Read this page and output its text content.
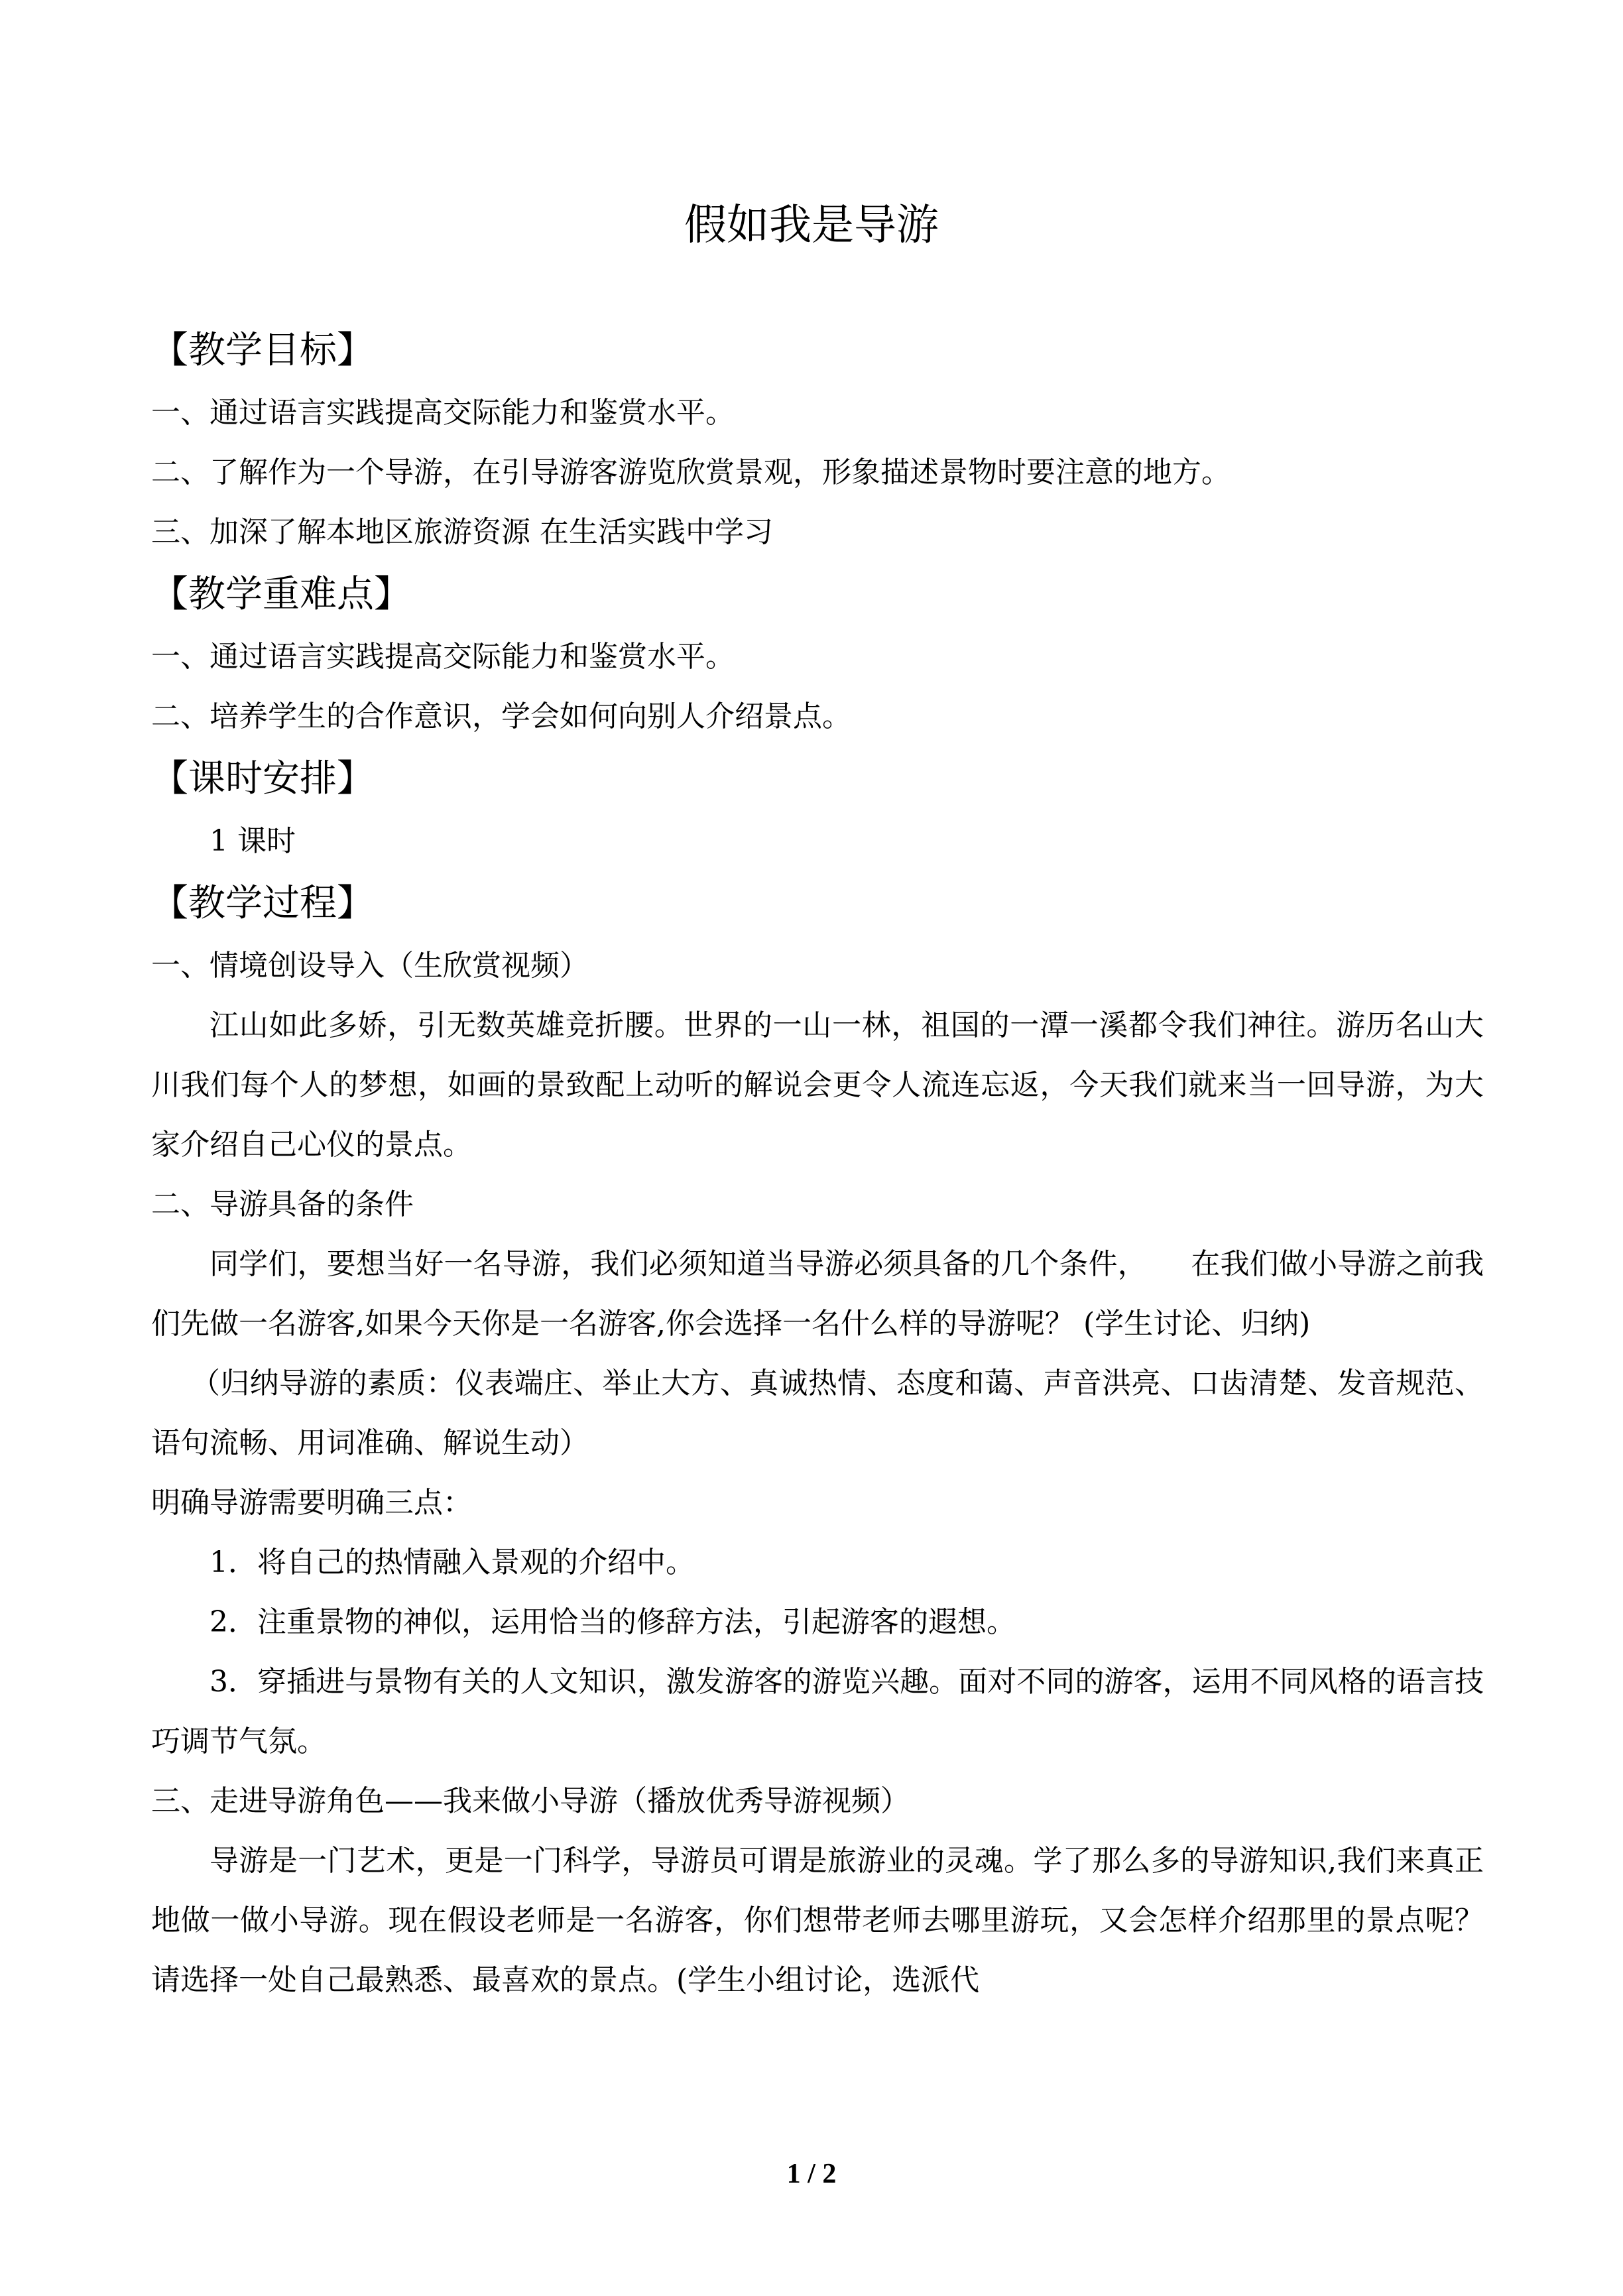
假如我是导游
【教学目标】
一、通过语言实践提高交际能力和鉴赏水平。
二、了解作为一个导游，在引导游客游览欣赏景观，形象描述景物时要注意的地方。
三、加深了解本地区旅游资源 在生活实践中学习
【教学重难点】
一、通过语言实践提高交际能力和鉴赏水平。
二、培养学生的合作意识，学会如何向别人介绍景点。
【课时安排】
1 课时
【教学过程】
一、情境创设导入（生欣赏视频）
江山如此多娇，引无数英雄竞折腰。世界的一山一林，祖国的一潭一溪都令我们神往。游历名山大川我们每个人的梦想，如画的景致配上动听的解说会更令人流连忘返，今天我们就来当一回导游，为大家介绍自己心仪的景点。
二、导游具备的条件
同学们，要想当好一名导游，我们必须知道当导游必须具备的几个条件，　　在我们做小导游之前我们先做一名游客,如果今天你是一名游客,你会选择一名什么样的导游呢？ (学生讨论、归纳)
（归纳导游的素质：仪表端庄、举止大方、真诚热情、态度和蔼、声音洪亮、口齿清楚、发音规范、语句流畅、用词准确、解说生动）
明确导游需要明确三点：
1．将自己的热情融入景观的介绍中。
2．注重景物的神似，运用恰当的修辞方法，引起游客的遐想。
3．穿插进与景物有关的人文知识，激发游客的游览兴趣。面对不同的游客，运用不同风格的语言技巧调节气氛。
三、走进导游角色——我来做小导游（播放优秀导游视频）
导游是一门艺术，更是一门科学，导游员可谓是旅游业的灵魂。学了那么多的导游知识,我们来真正地做一做小导游。现在假设老师是一名游客，你们想带老师去哪里游玩，又会怎样介绍那里的景点呢？请选择一处自己最熟悉、最喜欢的景点。(学生小组讨论，选派代
1 / 2
